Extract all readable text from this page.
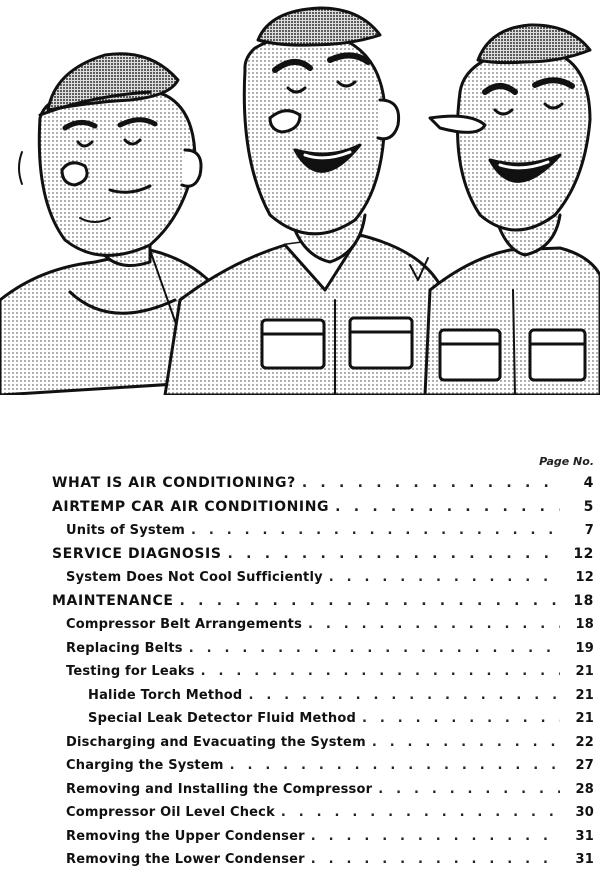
Page No.
WHAT IS AIR CONDITIONING? . . .	4
AIRTEMP CAR AIR CONDITIONING . . .	5
Units of System . . .	7
SERVICE DIAGNOSIS . . .	12
System Does Not Cool Sufficiently . . .	12
MAINTENANCE . . .	18
Compressor Belt Arrangements . . .	18
Replacing Belts . . .	19
Testing for Leaks . . .	21
Halide Torch Method . . .	21
Special Leak Detector Fluid Method . . .	21
Discharging and Evacuating the System . . .	22
Charging the System . . .	27
Removing and Installing the Compressor . . .	28
Compressor Oil Level Check . . .	30
Removing the Upper Condenser . . .	31
Removing the Lower Condenser . . .	31
